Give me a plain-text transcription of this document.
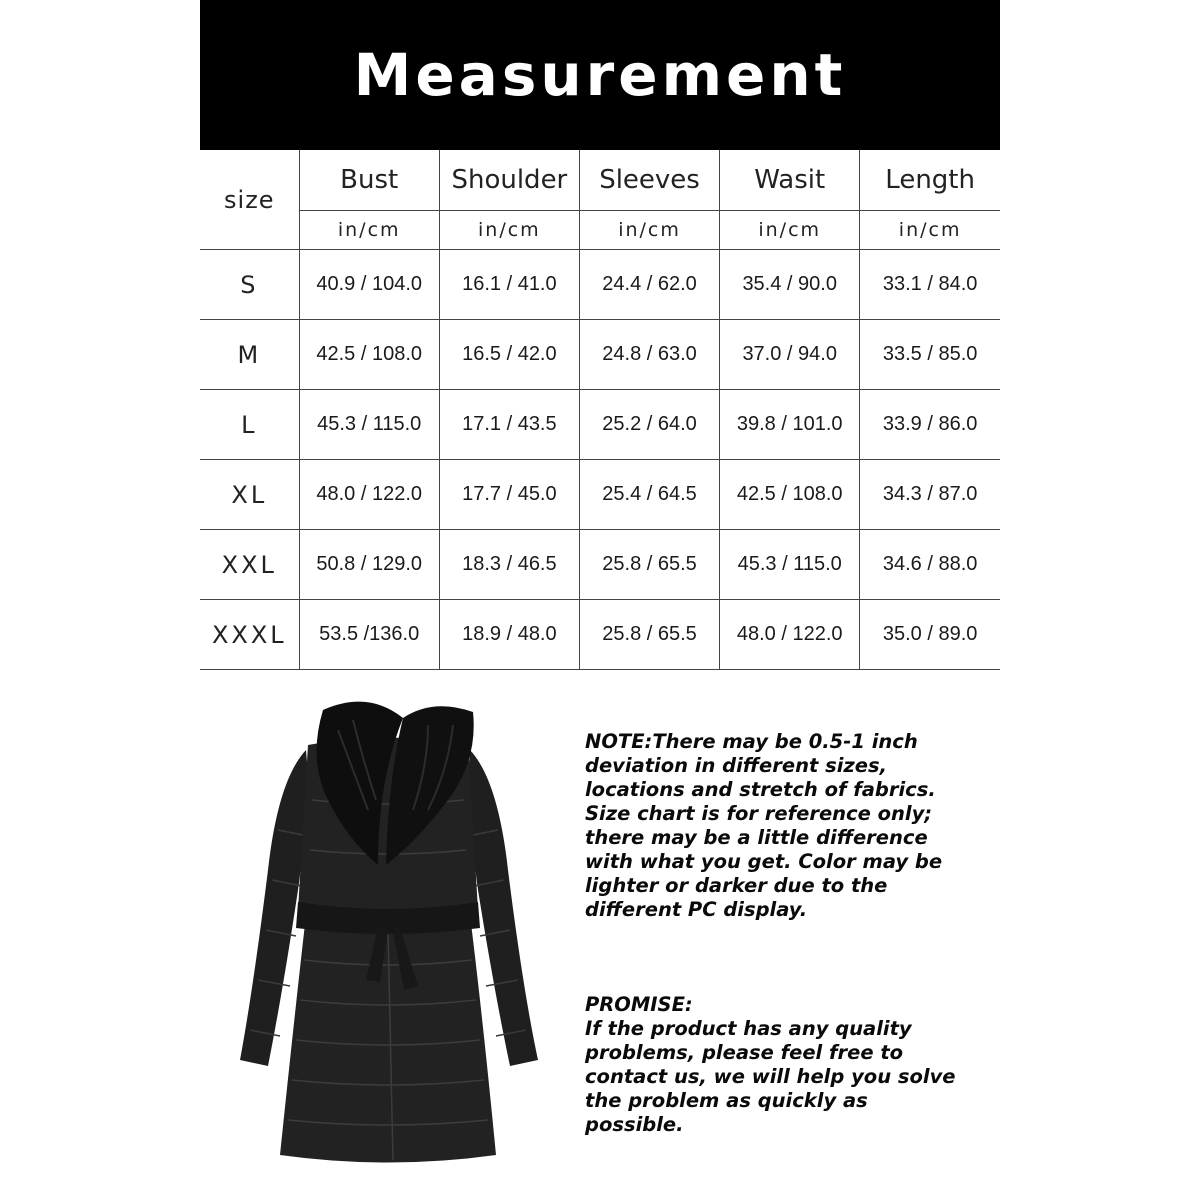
Measurement
size	Bust	Shoulder	Sleeves	Wasit	Length
	in/cm	in/cm	in/cm	in/cm	in/cm
S	40.9 / 104.0	16.1 / 41.0	24.4 / 62.0	35.4 / 90.0	33.1 / 84.0
M	42.5 / 108.0	16.5 / 42.0	24.8 / 63.0	37.0 / 94.0	33.5 / 85.0
L	45.3 / 115.0	17.1 / 43.5	25.2 / 64.0	39.8 / 101.0	33.9 / 86.0
XL	48.0 / 122.0	17.7 / 45.0	25.4 / 64.5	42.5 / 108.0	34.3 / 87.0
XXL	50.8 / 129.0	18.3 / 46.5	25.8 / 65.5	45.3 / 115.0	34.6 / 88.0
XXXL	53.5 /136.0	18.9 / 48.0	25.8 / 65.5	48.0 / 122.0	35.0 / 89.0

NOTE:There may be 0.5-1 inch

deviation in different sizes,

locations and stretch of fabrics.

Size chart is for reference only;

there may be a little difference

with what you get. Color may be

lighter or darker due to the

different PC display.

PROMISE:

If the product has any quality

problems, please feel free to

contact us, we will help you solve

the problem as quickly as

possible.
